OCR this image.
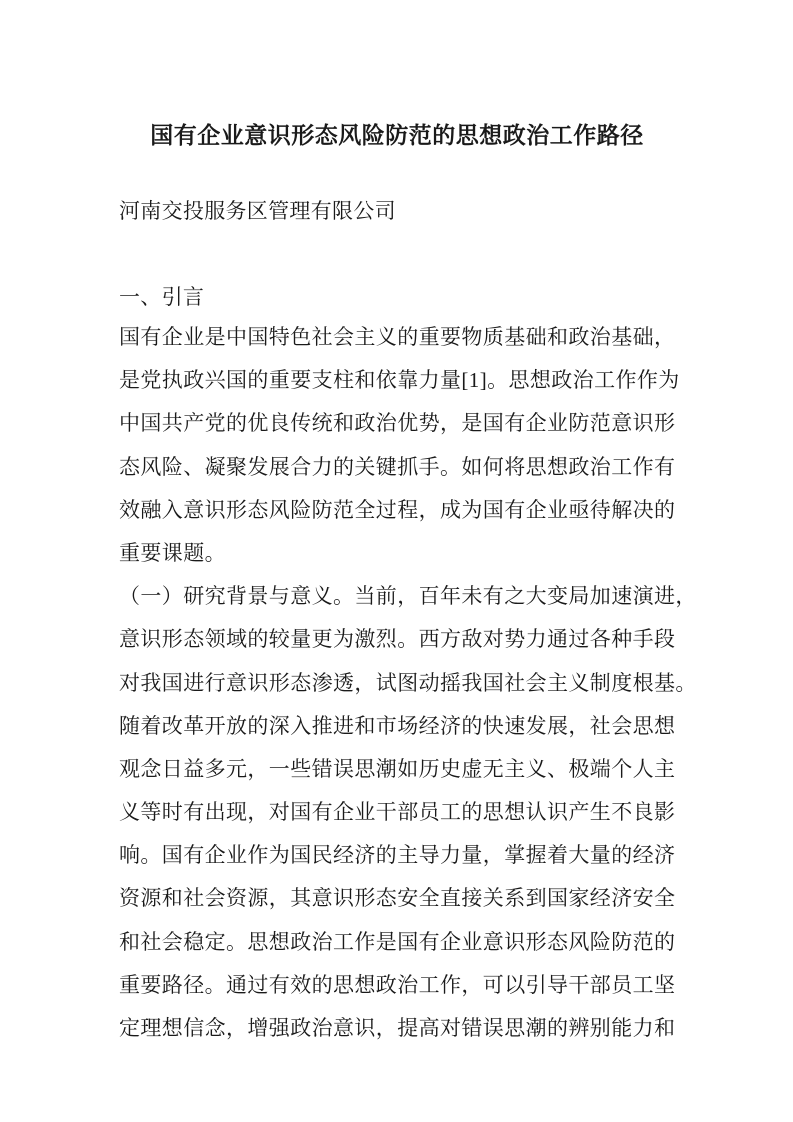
国有企业意识形态风险防范的思想政治工作路径
河南交投服务区管理有限公司
一、引言
国有企业是中国特色社会主义的重要物质基础和政治基础，
是党执政兴国的重要支柱和依靠力量[1]。思想政治工作作为
中国共产党的优良传统和政治优势，是国有企业防范意识形
态风险、凝聚发展合力的关键抓手。如何将思想政治工作有
效融入意识形态风险防范全过程，成为国有企业亟待解决的
重要课题。
（一）研究背景与意义。当前，百年未有之大变局加速演进，
意识形态领域的较量更为激烈。西方敌对势力通过各种手段
对我国进行意识形态渗透，试图动摇我国社会主义制度根基。
随着改革开放的深入推进和市场经济的快速发展，社会思想
观念日益多元，一些错误思潮如历史虚无主义、极端个人主
义等时有出现，对国有企业干部员工的思想认识产生不良影
响。国有企业作为国民经济的主导力量，掌握着大量的经济
资源和社会资源，其意识形态安全直接关系到国家经济安全
和社会稳定。思想政治工作是国有企业意识形态风险防范的
重要路径。通过有效的思想政治工作，可以引导干部员工坚
定理想信念，增强政治意识，提高对错误思潮的辨别能力和
